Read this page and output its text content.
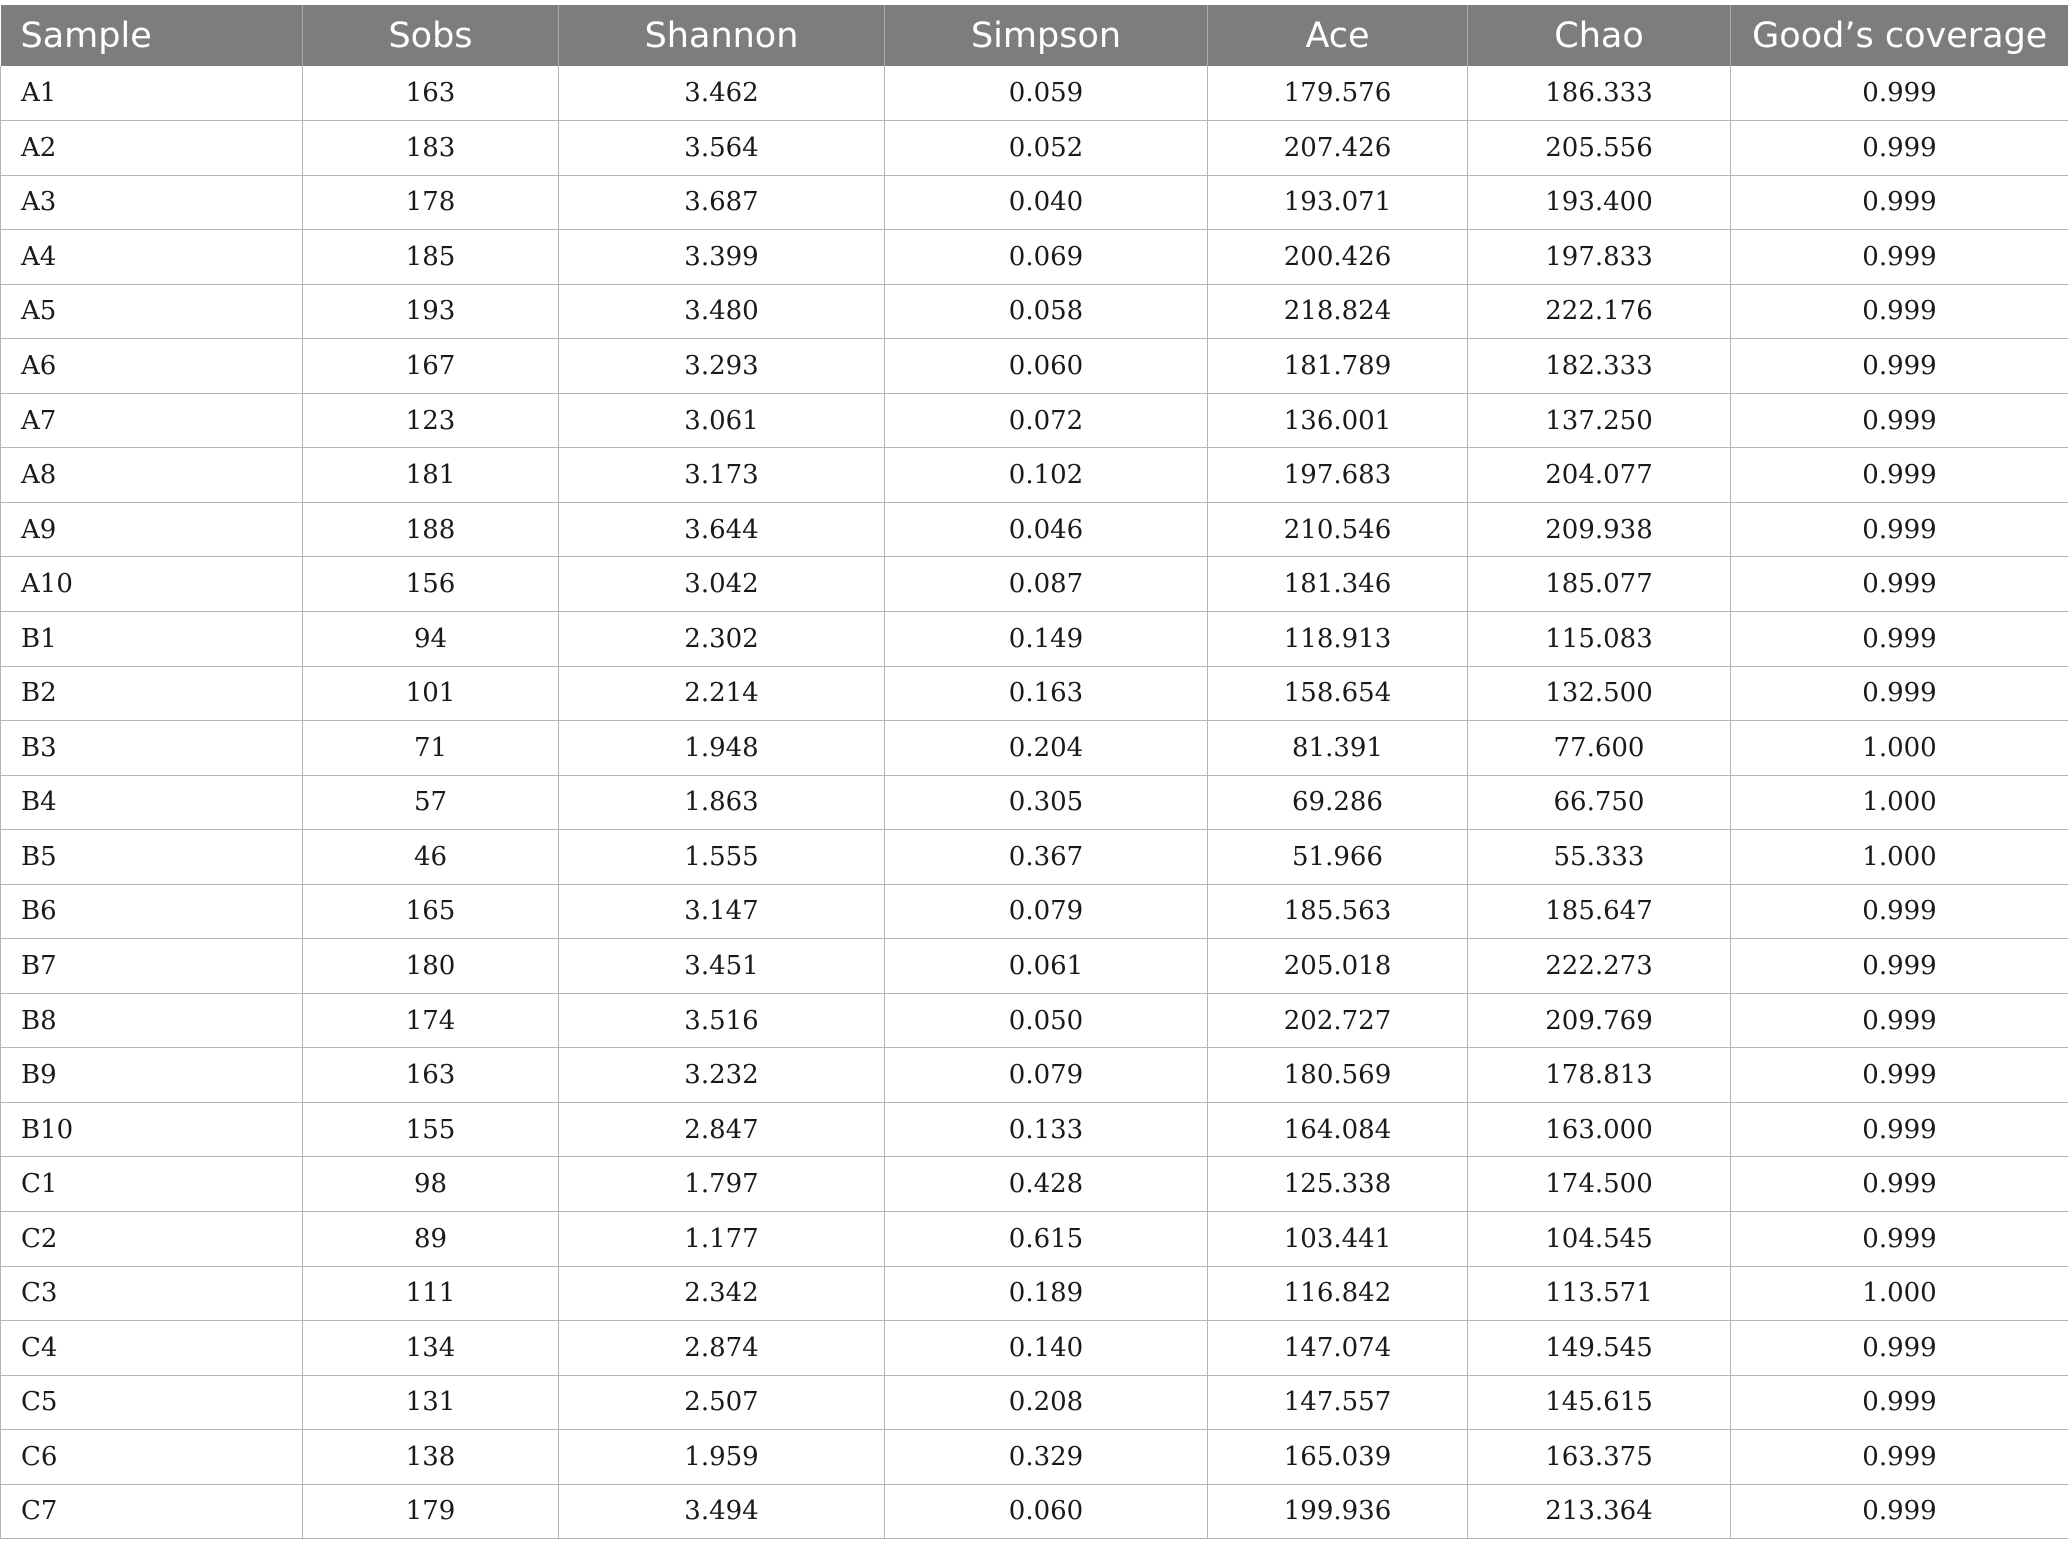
Sample	Sobs	Shannon	Simpson	Ace	Chao	Good’s coverage
A1	163	3.462	0.059	179.576	186.333	0.999
A2	183	3.564	0.052	207.426	205.556	0.999
A3	178	3.687	0.040	193.071	193.400	0.999
A4	185	3.399	0.069	200.426	197.833	0.999
A5	193	3.480	0.058	218.824	222.176	0.999
A6	167	3.293	0.060	181.789	182.333	0.999
A7	123	3.061	0.072	136.001	137.250	0.999
A8	181	3.173	0.102	197.683	204.077	0.999
A9	188	3.644	0.046	210.546	209.938	0.999
A10	156	3.042	0.087	181.346	185.077	0.999
B1	94	2.302	0.149	118.913	115.083	0.999
B2	101	2.214	0.163	158.654	132.500	0.999
B3	71	1.948	0.204	81.391	77.600	1.000
B4	57	1.863	0.305	69.286	66.750	1.000
B5	46	1.555	0.367	51.966	55.333	1.000
B6	165	3.147	0.079	185.563	185.647	0.999
B7	180	3.451	0.061	205.018	222.273	0.999
B8	174	3.516	0.050	202.727	209.769	0.999
B9	163	3.232	0.079	180.569	178.813	0.999
B10	155	2.847	0.133	164.084	163.000	0.999
C1	98	1.797	0.428	125.338	174.500	0.999
C2	89	1.177	0.615	103.441	104.545	0.999
C3	111	2.342	0.189	116.842	113.571	1.000
C4	134	2.874	0.140	147.074	149.545	0.999
C5	131	2.507	0.208	147.557	145.615	0.999
C6	138	1.959	0.329	165.039	163.375	0.999
C7	179	3.494	0.060	199.936	213.364	0.999
